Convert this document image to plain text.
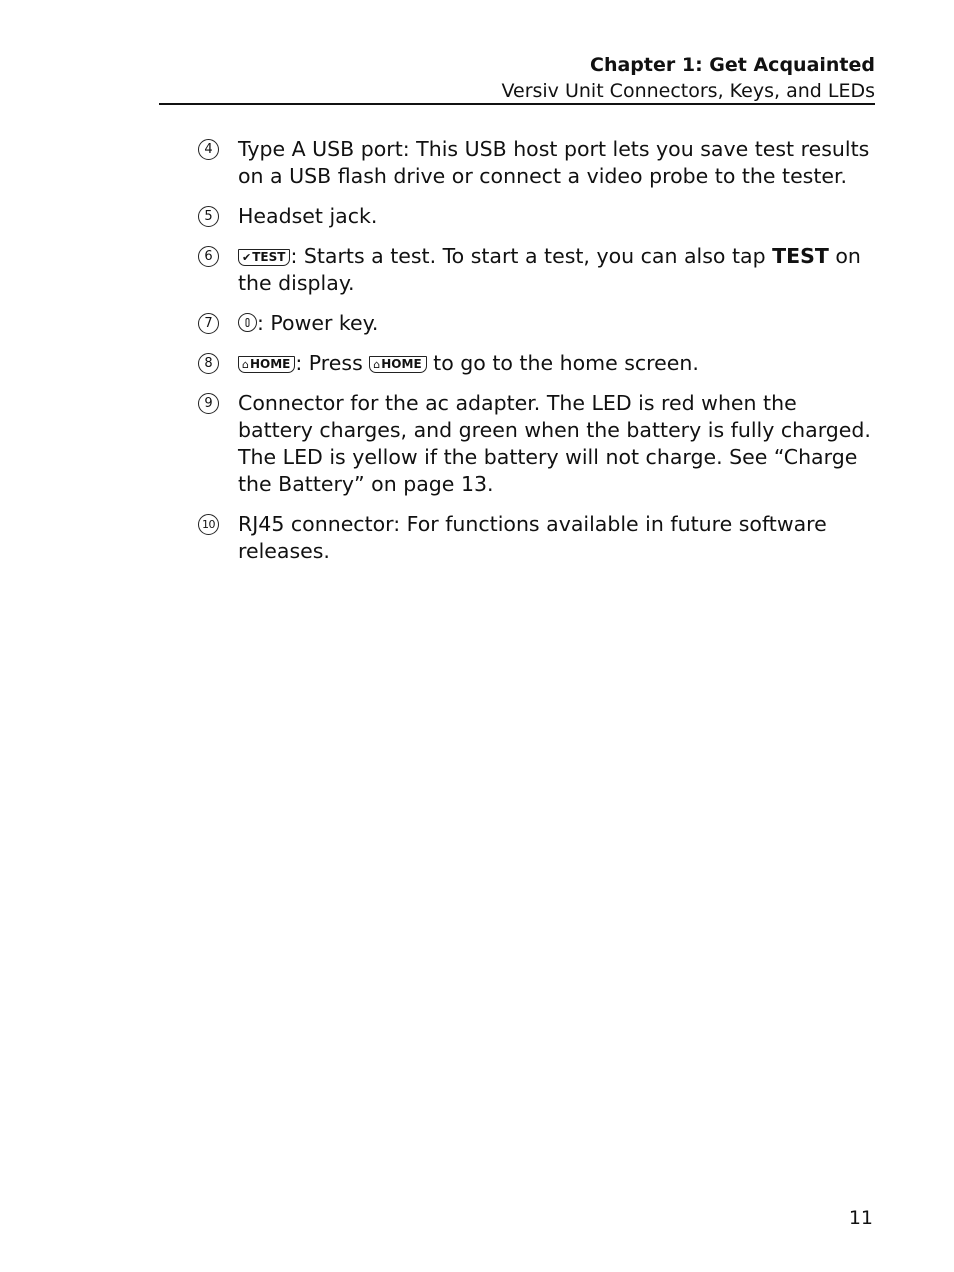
Chapter 1: Get Acquainted
Versiv Unit Connectors, Keys, and LEDs
4	Type A USB port: This USB host port lets you save test results on a USB flash drive or connect a video probe to the tester.
5	Headset jack.
6	✔TEST : Starts a test. To start a test, you can also tap TEST on the display.
7	: Power key.
8	⌂HOME : Press ⌂HOME to go to the home screen.
9	Connector for the ac adapter. The LED is red when the battery charges, and green when the battery is fully charged. The LED is yellow if the battery will not charge. See “Charge the Battery” on page 13.
10 RJ45 connector: For functions available in future software releases.
11
